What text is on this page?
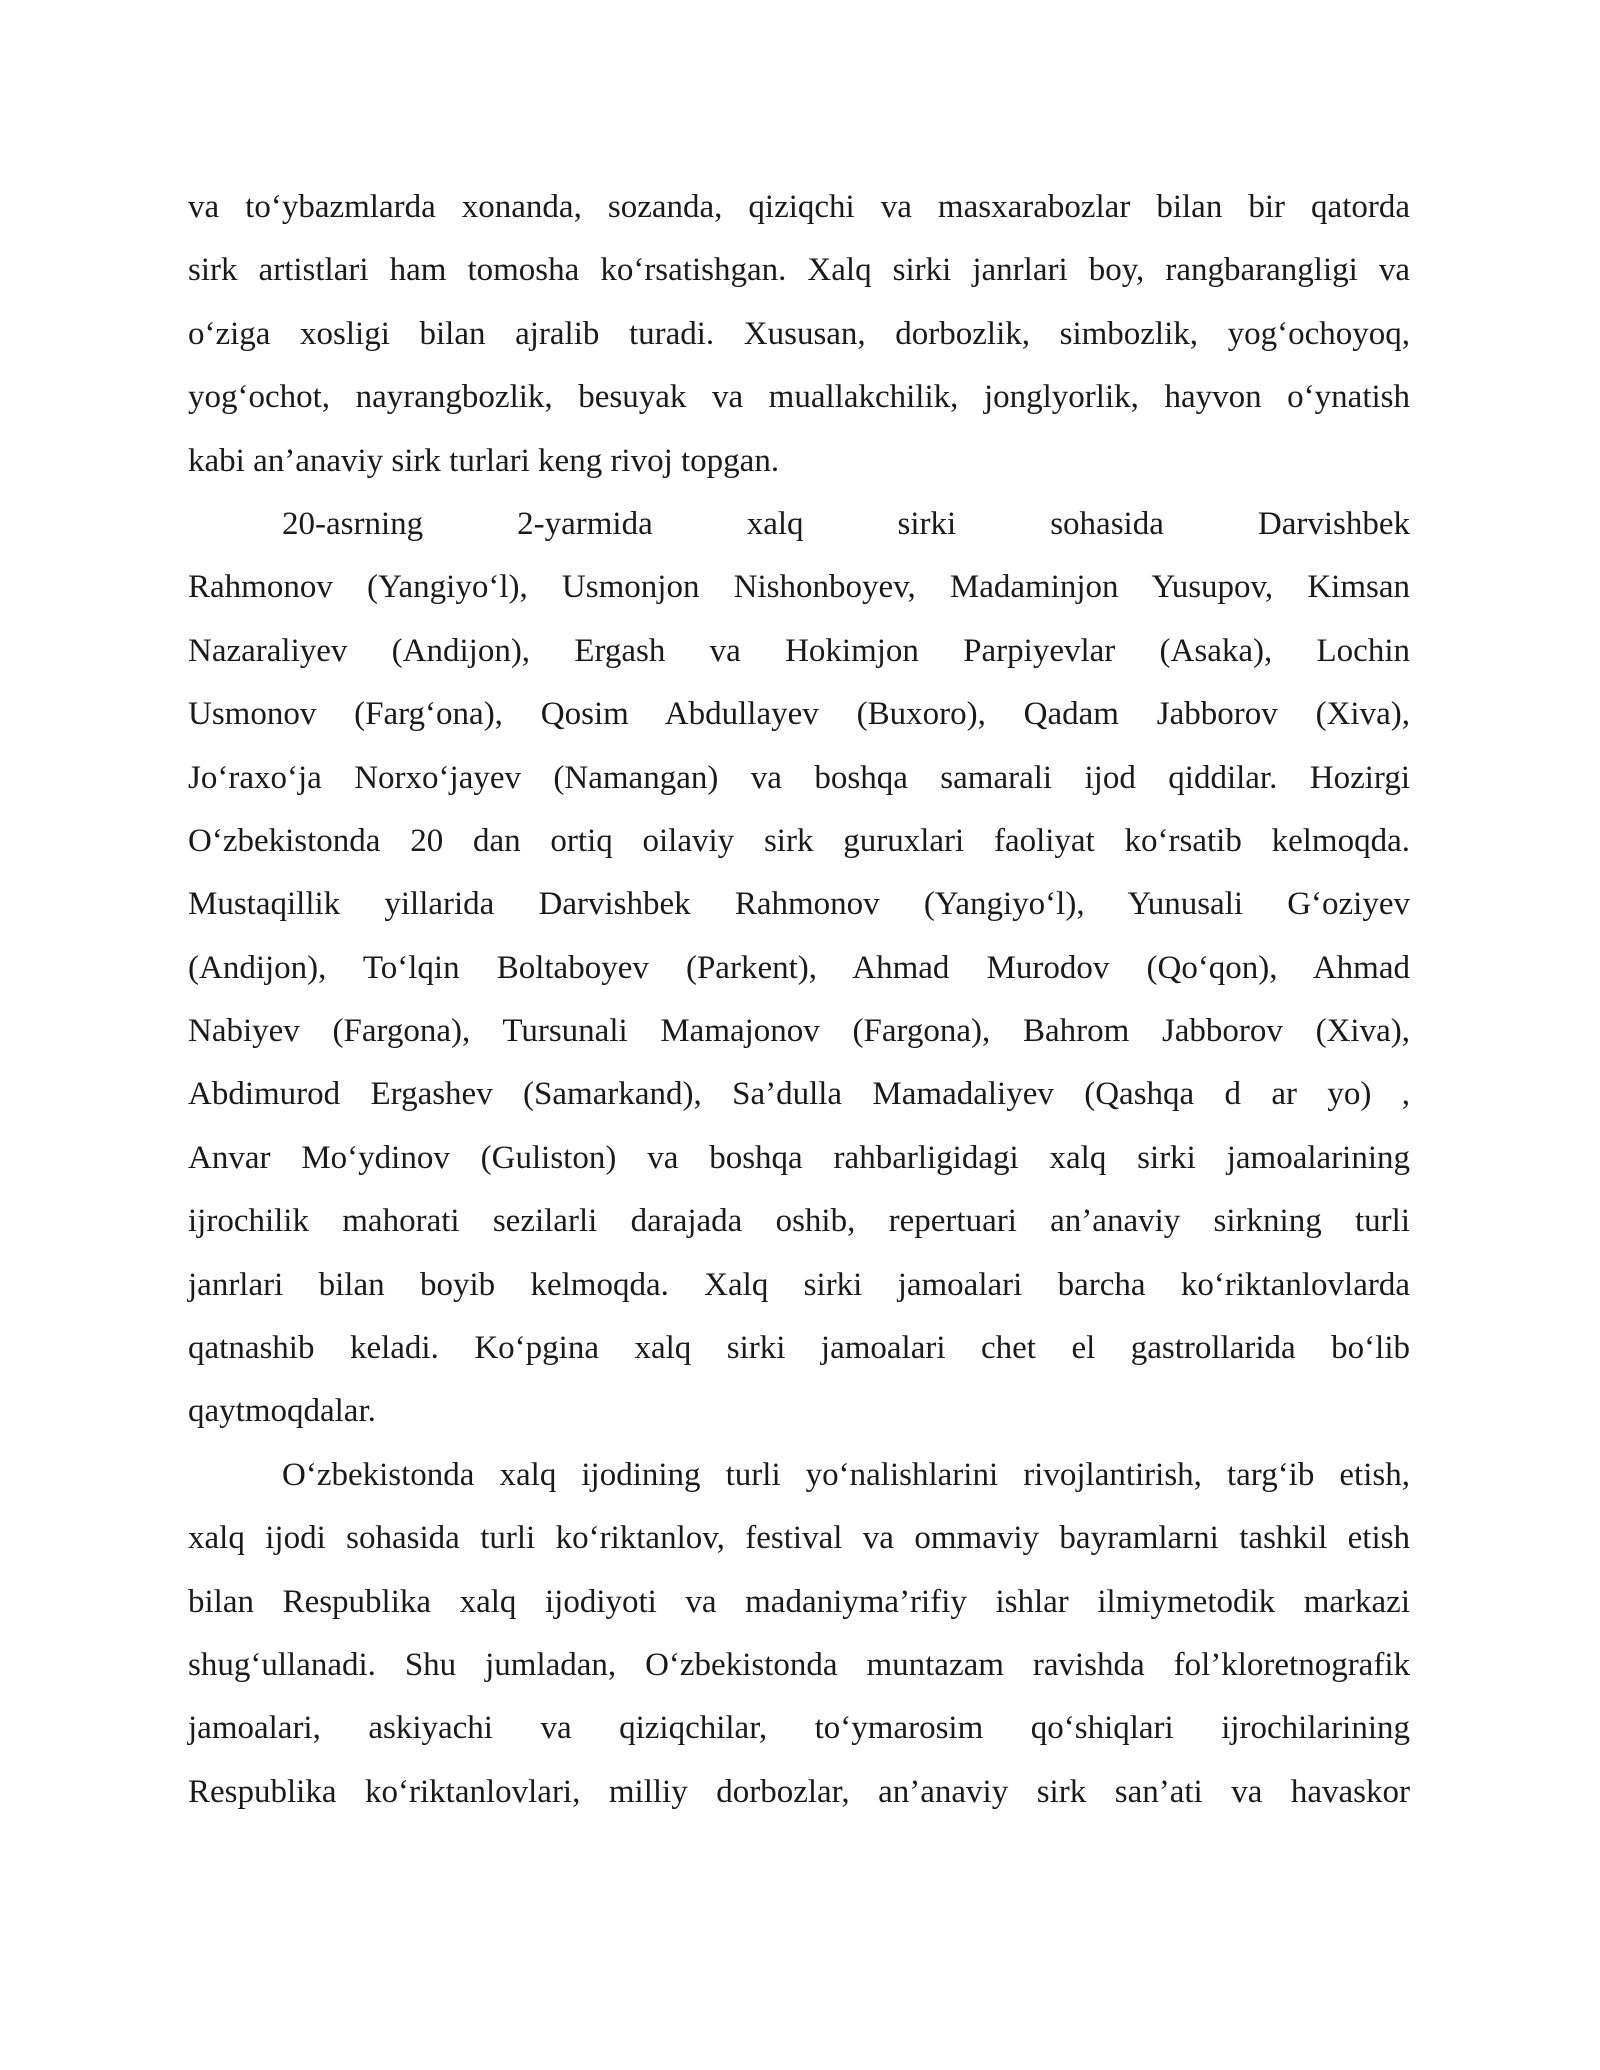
va to‘ybazmlarda xonanda, sozanda, qiziqchi va masxarabozlar bilan bir qatorda
sirk artistlari ham tomosha ko‘rsatishgan. Xalq sirki janrlari boy, rangbarangligi va
o‘ziga xosligi bilan ajralib turadi. Xususan, dorbozlik, simbozlik, yog‘ochoyoq,
yog‘ochot, nayrangbozlik, besuyak va muallakchilik, jonglyorlik, hayvon o‘ynatish
kabi an’anaviy sirk turlari keng rivoj topgan.
20-asrning 2-yarmida xalq sirki sohasida Darvishbek
Rahmonov (Yangiyo‘l), Usmonjon Nishonboyev, Madaminjon Yusupov, Kimsan
Nazaraliyev (Andijon), Ergash va Hokimjon Parpiyevlar (Asaka), Lochin
Usmonov (Farg‘ona), Qosim Abdullayev (Buxoro), Qadam Jabborov (Xiva),
Jo‘raxo‘ja Norxo‘jayev (Namangan) va boshqa samarali ijod qiddilar. Hozirgi
O‘zbekistonda 20 dan ortiq oilaviy sirk guruxlari faoliyat ko‘rsatib kelmoqda.
Mustaqillik yillarida Darvishbek Rahmonov (Yangiyo‘l), Yunusali G‘oziyev
(Andijon), To‘lqin Boltaboyev (Parkent), Ahmad Murodov (Qo‘qon), Ahmad
Nabiyev (Fargona), Tursunali Mamajonov (Fargona), Bahrom Jabborov (Xiva),
Abdimurod Ergashev (Samarkand), Sa’dulla Mamadaliyev (Qashqa d ar yo) ,
Anvar Mo‘ydinov (Guliston) va boshqa rahbarligidagi xalq sirki jamoalarining
ijrochilik mahorati sezilarli darajada oshib, repertuari an’anaviy sirkning turli
janrlari bilan boyib kelmoqda. Xalq sirki jamoalari barcha ko‘riktanlovlarda
qatnashib keladi. Ko‘pgina xalq sirki jamoalari chet el gastrollarida bo‘lib
qaytmoqdalar.
O‘zbekistonda xalq ijodining turli yo‘nalishlarini rivojlantirish, targ‘ib etish,
xalq ijodi sohasida turli ko‘riktanlov, festival va ommaviy bayramlarni tashkil etish
bilan Respublika xalq ijodiyoti va madaniyma’rifiy ishlar ilmiymetodik markazi
shug‘ullanadi. Shu jumladan, O‘zbekistonda muntazam ravishda fol’kloretnografik
jamoalari, askiyachi va qiziqchilar, to‘ymarosim qo‘shiqlari ijrochilarining
Respublika ko‘riktanlovlari, milliy dorbozlar, an’anaviy sirk san’ati va havaskor
